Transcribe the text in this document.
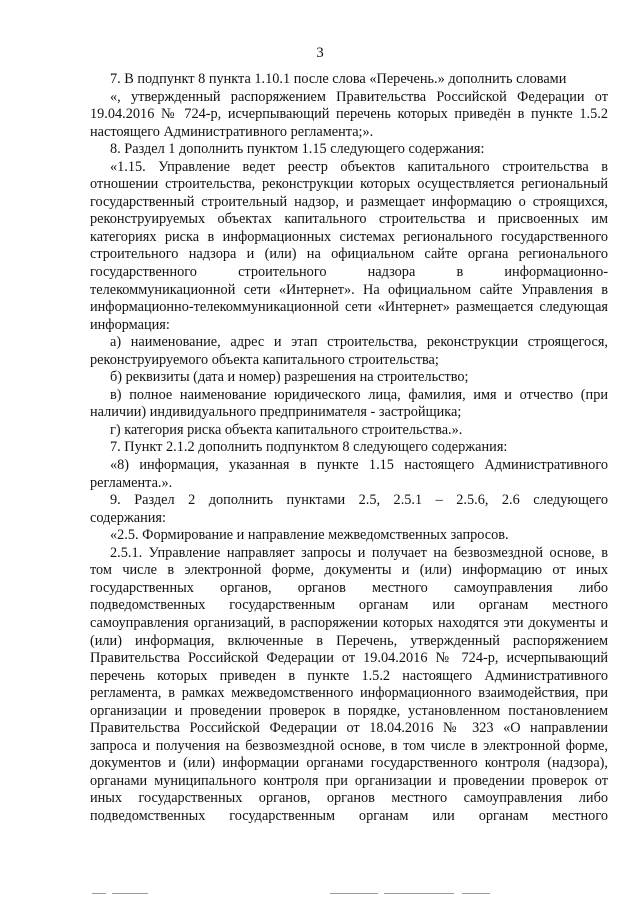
3
7. В подпункт 8 пункта 1.10.1 после слова «Перечень.» дополнить словами
«, утвержденный распоряжением Правительства Российской Федерации от
19.04.2016 № 724-р, исчерпывающий перечень которых приведён в пункте 1.5.2
настоящего Административного регламента;».
8. Раздел 1 дополнить пунктом 1.15 следующего содержания:
«1.15. Управление ведет реестр объектов капитального строительства в
отношении строительства, реконструкции которых осуществляется региональный
государственный строительный надзор, и размещает информацию о строящихся,
реконструируемых объектах капитального строительства и присвоенных им
категориях риска в информационных системах регионального государственного
строительного надзора и (или) на официальном сайте органа регионального
государственного строительного надзора в информационно-
телекоммуникационной сети «Интернет». На официальном сайте Управления в
информационно-телекоммуникационной сети «Интернет» размещается следующая
информация:
а) наименование, адрес и этап строительства, реконструкции строящегося,
реконструируемого объекта капитального строительства;
б) реквизиты (дата и номер) разрешения на строительство;
в) полное наименование юридического лица, фамилия, имя и отчество (при
наличии) индивидуального предпринимателя - застройщика;
г) категория риска объекта капитального строительства.».
7. Пункт 2.1.2 дополнить подпунктом 8 следующего содержания:
«8) информация, указанная в пункте 1.15 настоящего Административного
регламента.».
9. Раздел 2 дополнить пунктами 2.5, 2.5.1 – 2.5.6, 2.6 следующего
содержания:
«2.5. Формирование и направление межведомственных запросов.
2.5.1. Управление направляет запросы и получает на безвозмездной основе, в
том числе в электронной форме, документы и (или) информацию от иных
государственных органов, органов местного самоуправления либо
подведомственных государственным органам или органам местного
самоуправления организаций, в распоряжении которых находятся эти документы и
(или) информация, включенные в Перечень, утвержденный распоряжением
Правительства Российской Федерации от 19.04.2016 № 724-р, исчерпывающий
перечень которых приведен в пункте 1.5.2 настоящего Административного
регламента, в рамках межведомственного информационного взаимодействия, при
организации и проведении проверок в порядке, установленном постановлением
Правительства Российской Федерации от 18.04.2016 № 323 «О направлении
запроса и получения на безвозмездной основе, в том числе в электронной форме,
документов и (или) информации органами государственного контроля (надзора),
органами муниципального контроля при организации и проведении проверок от
иных государственных органов, органов местного самоуправления либо
подведомственных государственным органам или органам местного
